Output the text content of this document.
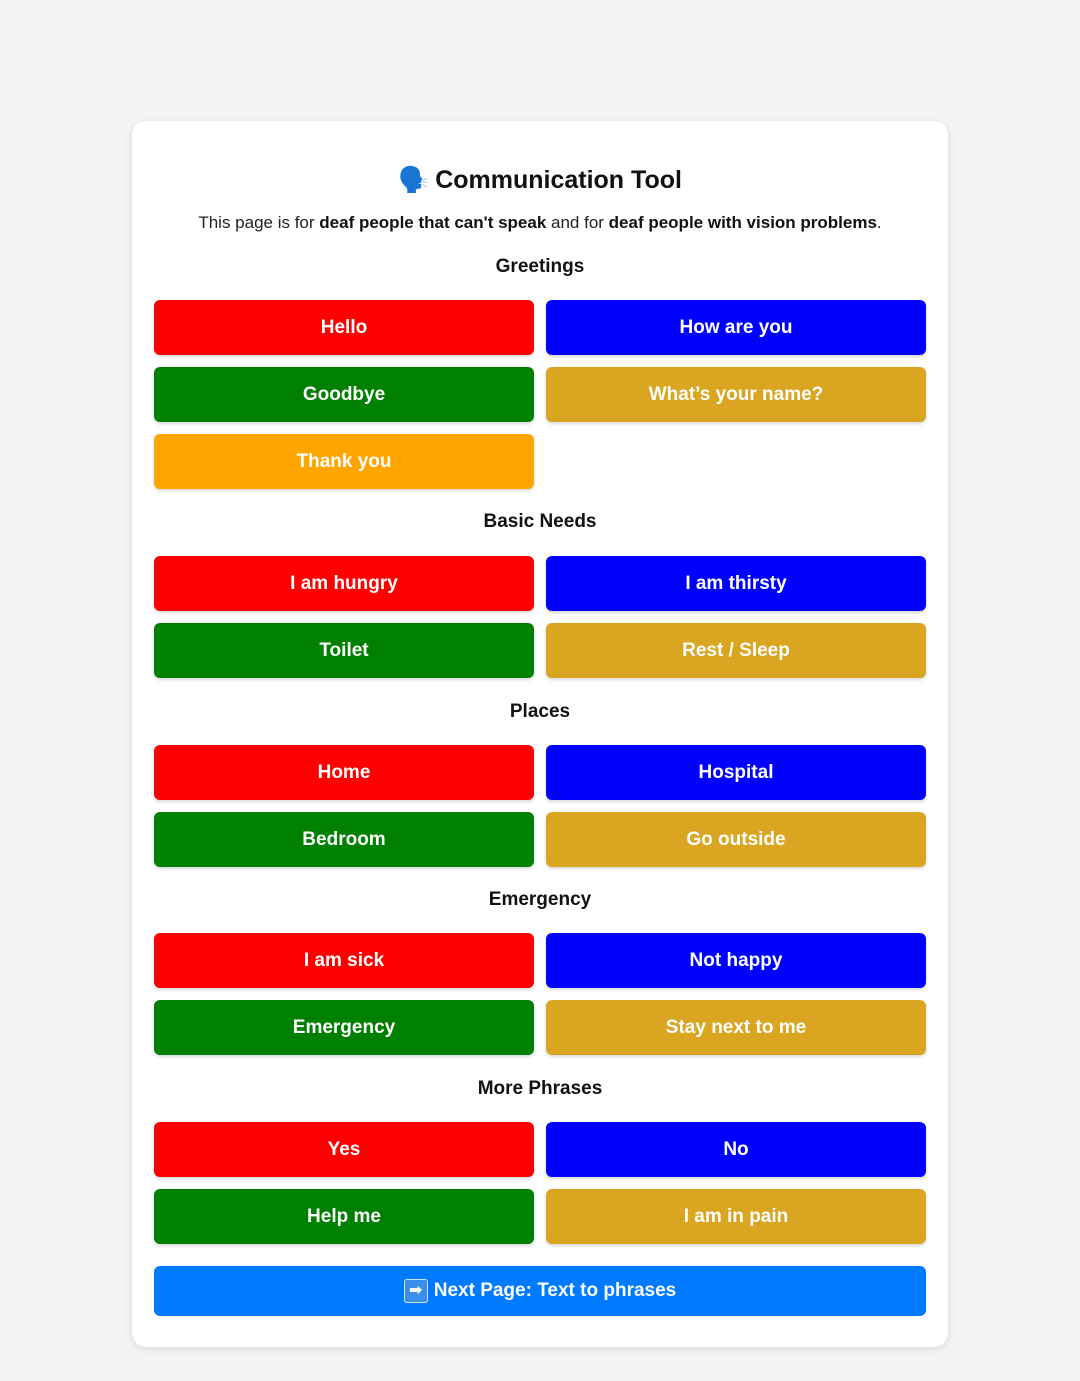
🗣️ Communication Tool
This page is for deaf people that can't speak and for deaf people with vision problems.
Greetings
Hello	How are you
Goodbye	What’s your name?
Thank you
Basic Needs
I am hungry	I am thirsty
Toilet	Rest / Sleep
Places
Home	Hospital
Bedroom	Go outside
Emergency
I am sick	Not happy
Emergency	Stay next to me
More Phrases
Yes	No
Help me	I am in pain
➡ Next Page: Text to phrases
